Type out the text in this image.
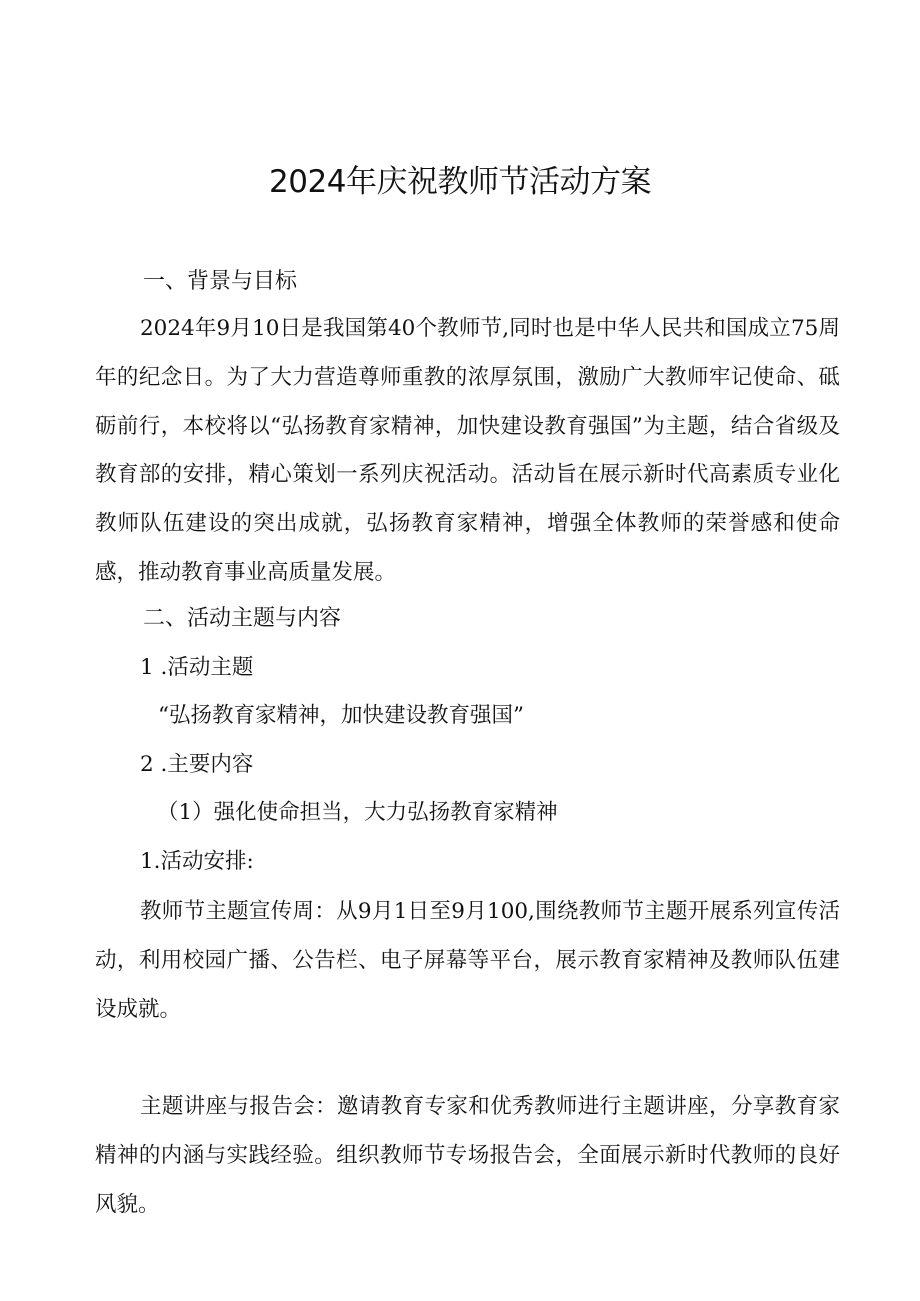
2024年庆祝教师节活动方案
一、背景与目标

2024年9月10日是我国第40个教师节,同时也是中华人民共和国成立75周年的纪念日。为了大力营造尊师重教的浓厚氛围，激励广大教师牢记使命、砥砺前行，本校将以“弘扬教育家精神，加快建设教育强国”为主题，结合省级及教育部的安排，精心策划一系列庆祝活动。活动旨在展示新时代高素质专业化教师队伍建设的突出成就，弘扬教育家精神，增强全体教师的荣誉感和使命感，推动教育事业高质量发展。

二、活动主题与内容
1 .活动主题
“弘扬教育家精神，加快建设教育强国”
2 .主要内容
（1）强化使命担当，大力弘扬教育家精神
1.活动安排:

教师节主题宣传周：从9月1日至9月100,围绕教师节主题开展系列宣传活动，利用校园广播、公告栏、电子屏幕等平台，展示教育家精神及教师队伍建设成就。

主题讲座与报告会：邀请教育专家和优秀教师进行主题讲座，分享教育家精神的内涵与实践经验。组织教师节专场报告会，全面展示新时代教师的良好风貌。
